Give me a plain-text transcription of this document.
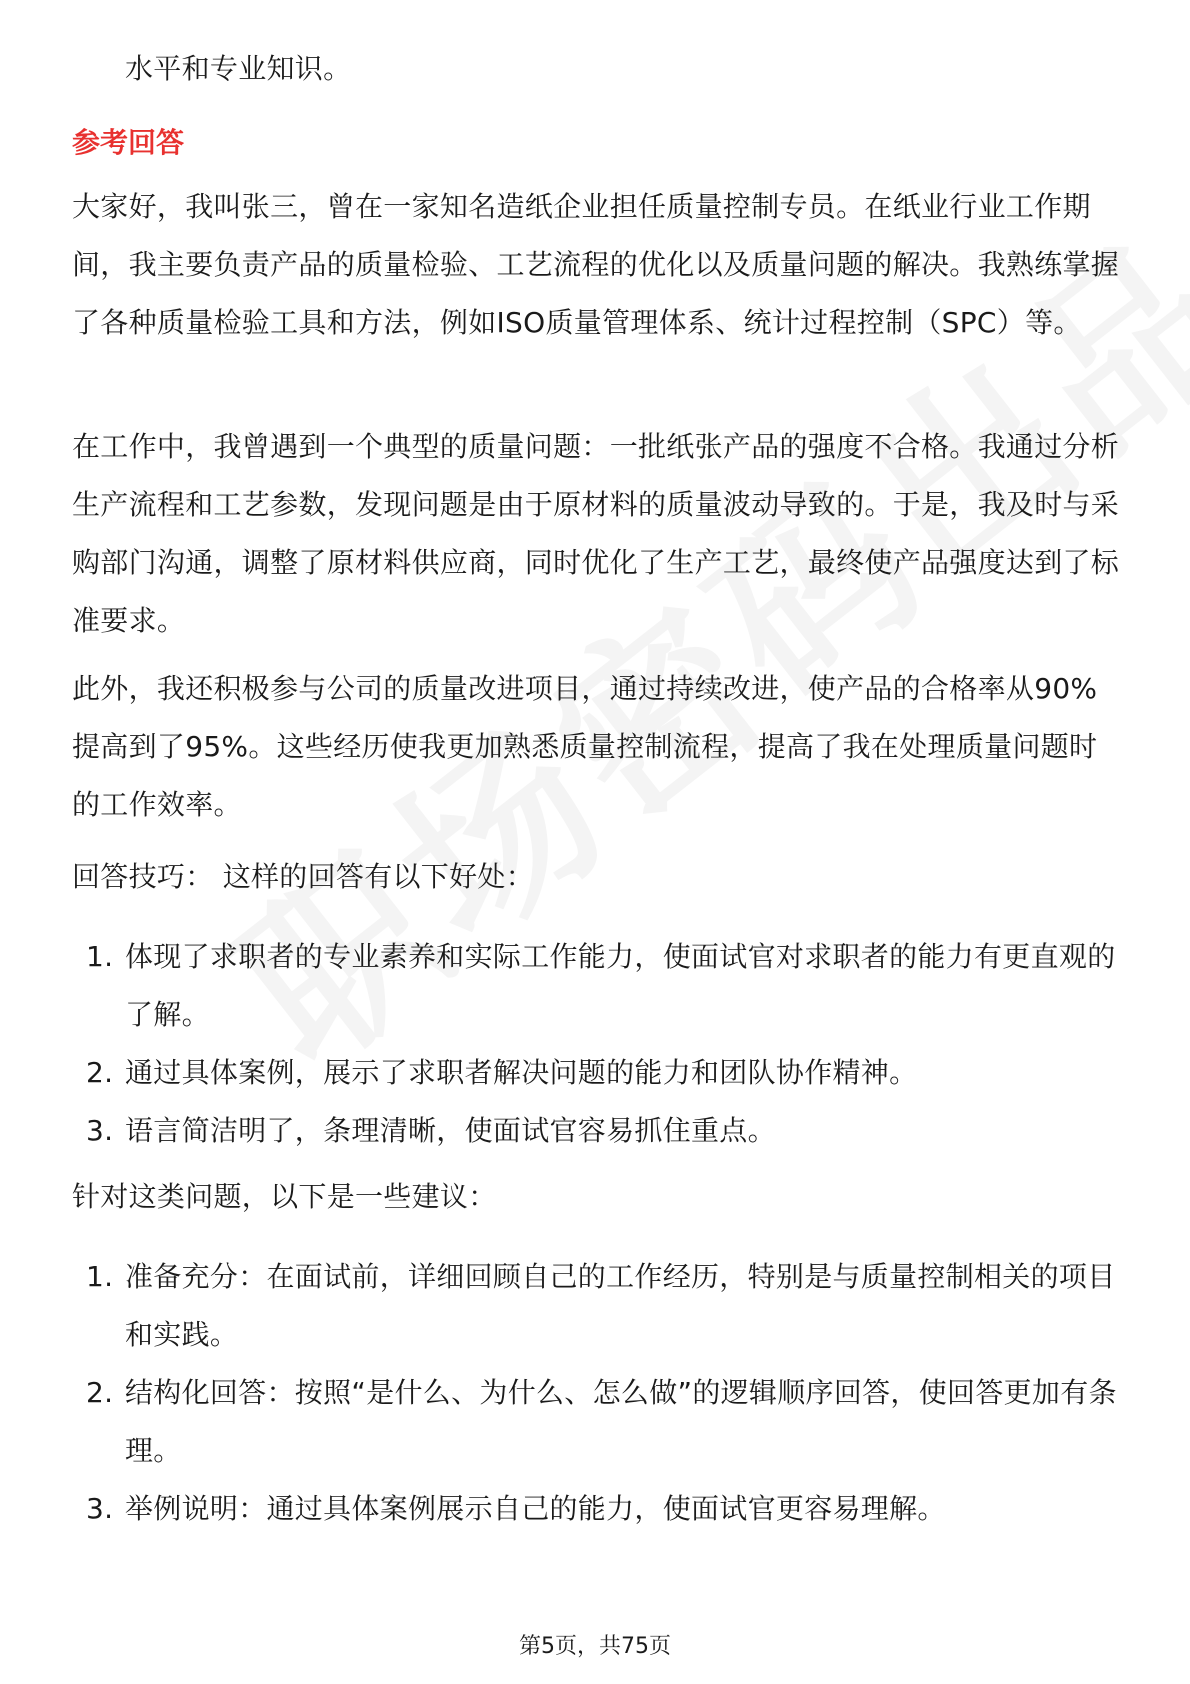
水平和专业知识。

参考回答

大家好，我叫张三，曾在一家知名造纸企业担任质量控制专员。在纸业行业工作期间，我主要负责产品的质量检验、工艺流程的优化以及质量问题的解决。我熟练掌握了各种质量检验工具和方法，例如ISO质量管理体系、统计过程控制（SPC）等。

在工作中，我曾遇到一个典型的质量问题：一批纸张产品的强度不合格。我通过分析生产流程和工艺参数，发现问题是由于原材料的质量波动导致的。于是，我及时与采购部门沟通，调整了原材料供应商，同时优化了生产工艺，最终使产品强度达到了标准要求。

此外，我还积极参与公司的质量改进项目，通过持续改进，使产品的合格率从90%提高到了95%。这些经历使我更加熟悉质量控制流程，提高了我在处理质量问题时的工作效率。

回答技巧： 这样的回答有以下好处：

1. 体现了求职者的专业素养和实际工作能力，使面试官对求职者的能力有更直观的了解。
2. 通过具体案例，展示了求职者解决问题的能力和团队协作精神。
3. 语言简洁明了，条理清晰，使面试官容易抓住重点。

针对这类问题，以下是一些建议：

1. 准备充分：在面试前，详细回顾自己的工作经历，特别是与质量控制相关的项目和实践。
2. 结构化回答：按照“是什么、为什么、怎么做”的逻辑顺序回答，使回答更加有条理。
3. 举例说明：通过具体案例展示自己的能力，使面试官更容易理解。
第5页，共75页
